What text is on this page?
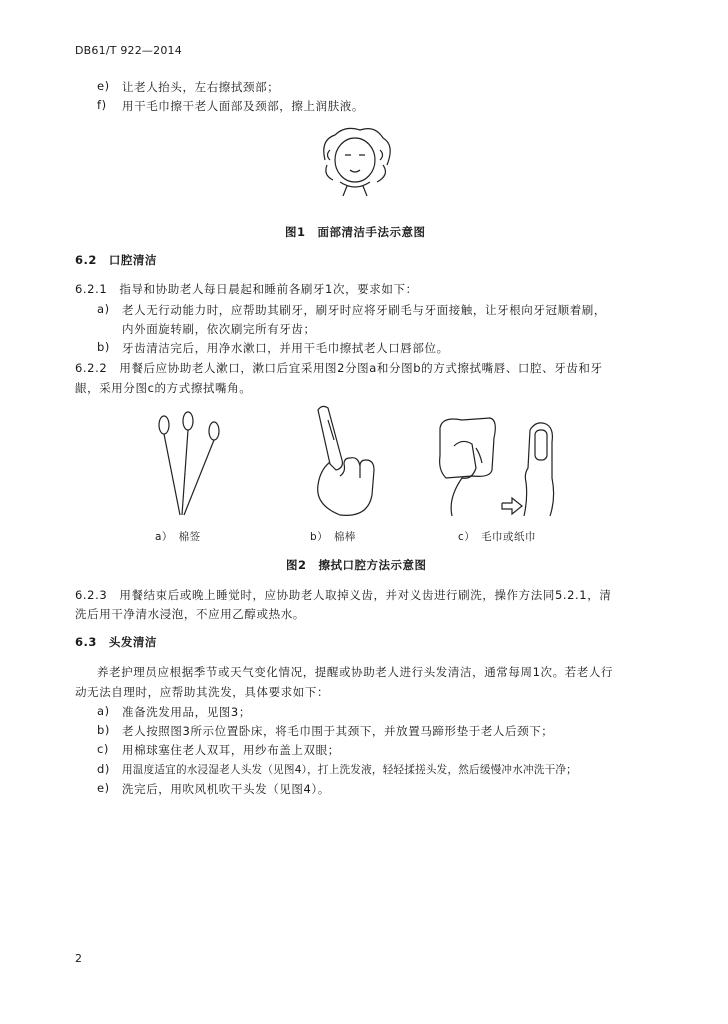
DB61/T 922—2014
e) 让老人抬头，左右擦拭颈部；
f) 用干毛巾擦干老人面部及颈部，擦上润肤液。
图1　面部清洁手法示意图
6.2　口腔清洁
6.2.1　指导和协助老人每日晨起和睡前各刷牙1次，要求如下：
a) 老人无行动能力时，应帮助其刷牙，刷牙时应将牙刷毛与牙面接触，让牙根向牙冠顺着刷，
内外面旋转刷，依次刷完所有牙齿；
b) 牙齿清洁完后，用净水漱口，并用干毛巾擦拭老人口唇部位。
6.2.2　用餐后应协助老人漱口，漱口后宜采用图2分图a和分图b的方式擦拭嘴唇、口腔、牙齿和牙
龈，采用分图c的方式擦拭嘴角。
a）　棉签	b）　棉棒	c）　毛巾或纸巾
图2　擦拭口腔方法示意图
6.2.3　用餐结束后或晚上睡觉时，应协助老人取掉义齿，并对义齿进行刷洗，操作方法同5.2.1，清
洗后用干净清水浸泡，不应用乙醇或热水。
6.3　头发清洁
养老护理员应根据季节或天气变化情况，提醒或协助老人进行头发清洁，通常每周1次。若老人行
动无法自理时，应帮助其洗发，具体要求如下：
a) 准备洗发用品，见图3；
b) 老人按照图3所示位置卧床，将毛巾围于其颈下，并放置马蹄形垫于老人后颈下；
c) 用棉球塞住老人双耳，用纱布盖上双眼；
d) 用温度适宜的水浸湿老人头发（见图4），打上洗发液，轻轻揉搓头发，然后缓慢冲水冲洗干净；
e) 洗完后，用吹风机吹干头发（见图4）。
2
